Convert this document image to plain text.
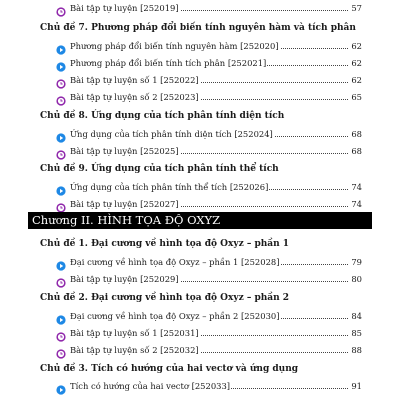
Bài tập tự luyện [252019]	57
Chủ đề 7. Phương pháp đổi biến tính nguyên hàm và tích phân
Phương pháp đổi biến tính nguyên hàm [252020]	62
Phương pháp đổi biến tính tích phân [252021]	62
Bài tập tự luyện số 1 [252022]	62
Bài tập tự luyện số 2 [252023]	65
Chủ đề 8. Ứng dụng của tích phân tính diện tích
Ứng dụng của tích phân tính diện tích [252024]	68
Bài tập tự luyện [252025]	68
Chủ đề 9. Ứng dụng của tích phân tính thể tích
Ứng dụng của tích phân tính thể tích [252026]	74
Bài tập tự luyện [252027]	74
Chương II. HÌNH TỌA ĐỘ OXYZ
Chủ đề 1. Đại cương về hình tọa độ Oxyz – phần 1
Đại cương về hình tọa độ Oxyz – phần 1 [252028]	79
Bài tập tự luyện [252029]	80
Chủ đề 2. Đại cương về hình tọa độ Oxyz – phần 2
Đại cương về hình tọa độ Oxyz – phần 2 [252030]	84
Bài tập tự luyện số 1 [252031]	85
Bài tập tự luyện số 2 [252032]	88
Chủ đề 3. Tích có hướng của hai vectơ và ứng dụng
Tích có hướng của hai vectơ [252033]	91
